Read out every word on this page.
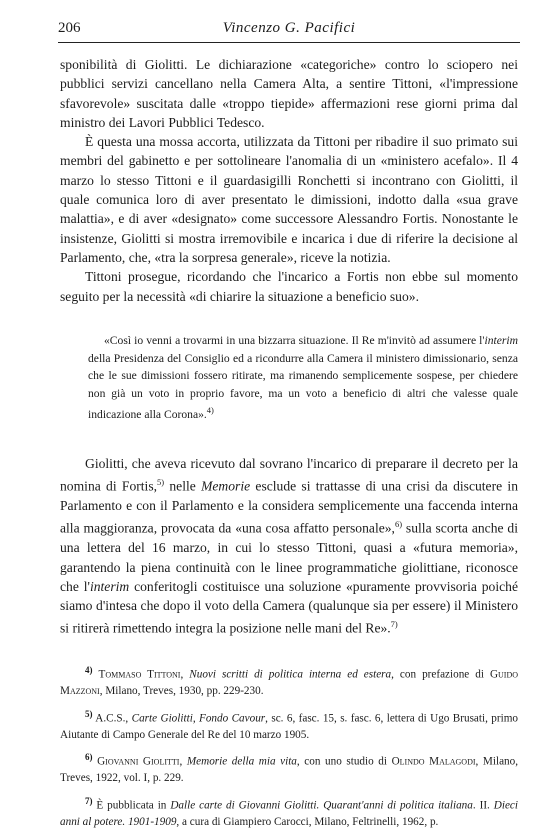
206	Vincenzo G. Pacifici

sponibilità di Giolitti. Le dichiarazione «categoriche» contro lo sciopero nei pubblici servizi cancellano nella Camera Alta, a sentire Tittoni, «l'impressione sfavorevole» suscitata dalle «troppo tiepide» affermazioni rese giorni prima dal ministro dei Lavori Pubblici Tedesco.

È questa una mossa accorta, utilizzata da Tittoni per ribadire il suo primato sui membri del gabinetto e per sottolineare l'anomalia di un «ministero acefalo». Il 4 marzo lo stesso Tittoni e il guardasigilli Ronchetti si incontrano con Giolitti, il quale comunica loro di aver presentato le dimissioni, indotto dalla «sua grave malattia», e di aver «designato» come successore Alessandro Fortis. Nonostante le insistenze, Giolitti si mostra irremovibile e incarica i due di riferire la decisione al Parlamento, che, «tra la sorpresa generale», riceve la notizia.

Tittoni prosegue, ricordando che l'incarico a Fortis non ebbe sul momento seguito per la necessità «di chiarire la situazione a beneficio suo».

«Così io venni a trovarmi in una bizzarra situazione. Il Re m'invitò ad assumere l'interim della Presidenza del Consiglio ed a ricondurre alla Camera il ministero dimissionario, senza che le sue dimissioni fossero ritirate, ma rimanendo semplicemente sospese, per chiedere non già un voto in proprio favore, ma un voto a beneficio di altri che valesse quale indicazione alla Corona».$^{4)}$

Giolitti, che aveva ricevuto dal sovrano l'incarico di preparare il decreto per la nomina di Fortis,$^{5)}$ nelle Memorie esclude si trattasse di una crisi da discutere in Parlamento e con il Parlamento e la considera semplicemente una faccenda interna alla maggioranza, provocata da «una cosa affatto personale»,$^{6)}$ sulla scorta anche di una lettera del 16 marzo, in cui lo stesso Tittoni, quasi a «futura memoria», garantendo la piena continuità con le linee programmatiche giolittiane, riconosce che l'interim conferitogli costituisce una soluzione «puramente provvisoria poiché siamo d'intesa che dopo il voto della Camera (qualunque sia per essere) il Ministero si ritirerà rimettendo integra la posizione nelle mani del Re».$^{7)}$

$^{4)}$ Tommaso Tittoni, Nuovi scritti di politica interna ed estera, con prefazione di Guido Mazzoni, Milano, Treves, 1930, pp. 229-230.

$^{5)}$ A.C.S., Carte Giolitti, Fondo Cavour, sc. 6, fasc. 15, s. fasc. 6, lettera di Ugo Brusati, primo Aiutante di Campo Generale del Re del 10 marzo 1905.

$^{6)}$ Giovanni Giolitti, Memorie della mia vita, con uno studio di Olindo Malagodi, Milano, Treves, 1922, vol. I, p. 229.

$^{7)}$ È pubblicata in Dalle carte di Giovanni Giolitti. Quarant'anni di politica italiana. II. Dieci anni al potere. 1901-1909, a cura di Giampiero Carocci, Milano, Feltrinelli, 1962, p.
